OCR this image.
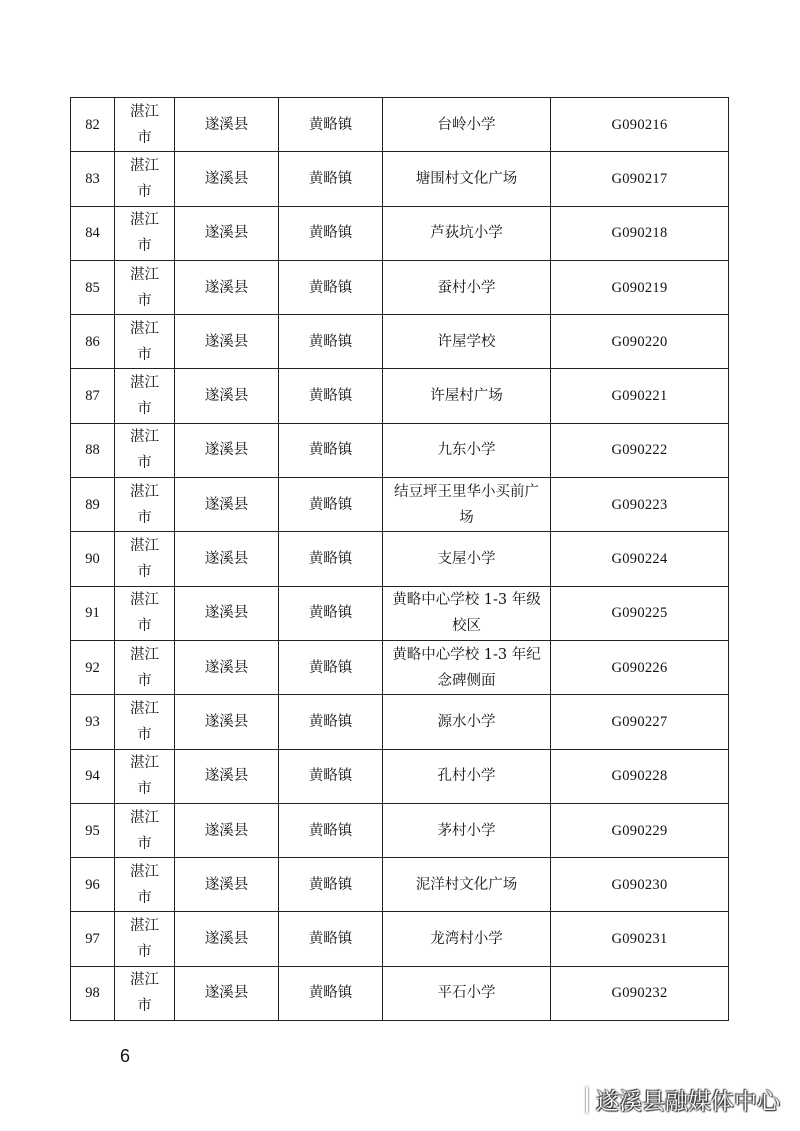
82	湛江市	遂溪县	黄略镇	台岭小学	G090216
83	湛江市	遂溪县	黄略镇	塘围村文化广场	G090217
84	湛江市	遂溪县	黄略镇	芦荻坑小学	G090218
85	湛江市	遂溪县	黄略镇	蚕村小学	G090219
86	湛江市	遂溪县	黄略镇	许屋学校	G090220
87	湛江市	遂溪县	黄略镇	许屋村广场	G090221
88	湛江市	遂溪县	黄略镇	九东小学	G090222
89	湛江市	遂溪县	黄略镇	结豆坪王里华小买前广场	G090223
90	湛江市	遂溪县	黄略镇	支屋小学	G090224
91	湛江市	遂溪县	黄略镇	黄略中心学校 1-3 年级校区	G090225
92	湛江市	遂溪县	黄略镇	黄略中心学校 1-3 年纪念碑侧面	G090226
93	湛江市	遂溪县	黄略镇	源水小学	G090227
94	湛江市	遂溪县	黄略镇	孔村小学	G090228
95	湛江市	遂溪县	黄略镇	茅村小学	G090229
96	湛江市	遂溪县	黄略镇	泥洋村文化广场	G090230
97	湛江市	遂溪县	黄略镇	龙湾村小学	G090231
98	湛江市	遂溪县	黄略镇	平石小学	G090232
6
遂溪县融媒体中心
